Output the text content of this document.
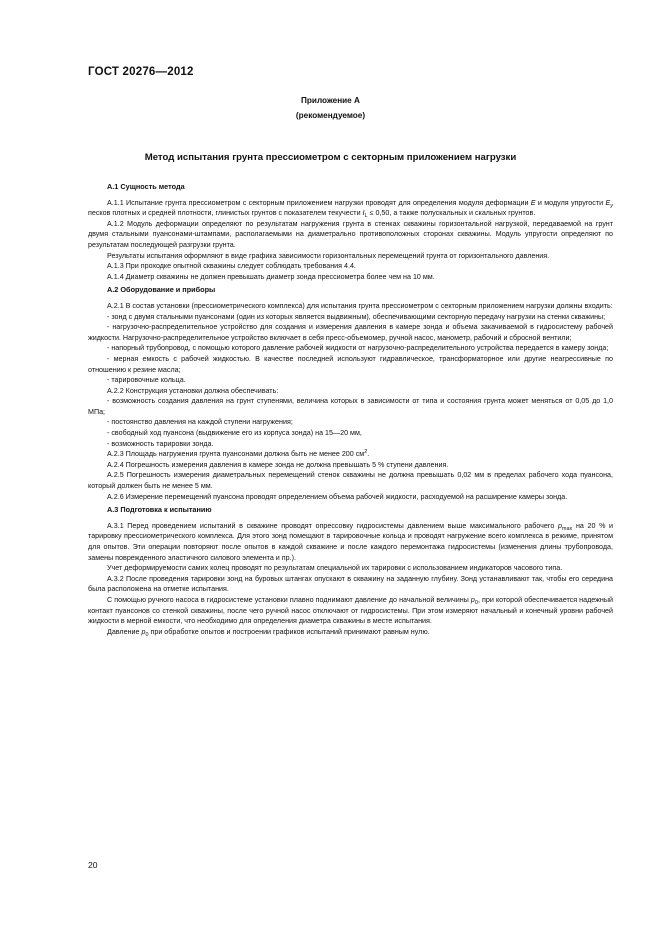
ГОСТ 20276—2012
Приложение А
(рекомендуемое)
Метод испытания грунта прессиометром с секторным приложением нагрузки
А.1 Сущность метода

А.1.1 Испытание грунта прессиометром с секторным приложением нагрузки проводят для определения модуля деформации E и модуля упругости $E_y$ песков плотных и средней плотности, глинистых грунтов с показателем текучести $I_L \le 0,50$, а также полускальных и скальных грунтов.

А.1.2 Модуль деформации определяют по результатам нагружения грунта в стенках скважины горизонтальной нагрузкой, передаваемой на грунт двумя стальными пуансонами-штампами, располагаемыми на диаметрально противоположных сторонах скважины. Модуль упругости определяют по результатам последующей разгрузки грунта.

Результаты испытания оформляют в виде графика зависимости горизонтальных перемещений грунта от горизонтального давления.

А.1.3 При проходке опытной скважины следует соблюдать требования 4.4.

А.1.4 Диаметр скважины не должен превышать диаметр зонда прессиометра более чем на 10 мм.

А.2 Оборудование и приборы

А.2.1 В состав установки (прессиометрического комплекса) для испытания грунта прессиометром с секторным приложением нагрузки должны входить:

- зонд с двумя стальными пуансонами (один из которых является выдвижным), обеспечивающими секторную передачу нагрузки на стенки скважины;

- нагрузочно-распределительное устройство для создания и измерения давления в камере зонда и объема закачиваемой в гидросистему рабочей жидкости. Нагрузочно-распределительное устройство включает в себя пресс-объемомер, ручной насос, манометр, рабочий и сбросной вентили;

- напорный трубопровод, с помощью которого давление рабочей жидкости от нагрузочно-распределительного устройства передается в камеру зонда;

- мерная емкость с рабочей жидкостью. В качестве последней используют гидравлическое, трансформаторное или другие неагрессивные по отношению к резине масла;

- тарировочные кольца.

А.2.2 Конструкция установки должна обеспечивать:

- возможность создания давления на грунт ступенями, величина которых в зависимости от типа и состояния грунта может меняться от 0,05 до 1,0 МПа;

- постоянство давления на каждой ступени нагружения;

- свободный ход пуансона (выдвижение его из корпуса зонда) на 15—20 мм,

- возможность тарировки зонда.

А.2.3 Площадь нагружения грунта пуансонами должна быть не менее 200 $см^2$.

А.2.4 Погрешность измерения давления в камере зонда не должна превышать 5 % ступени давления.

А.2.5 Погрешность измерения диаметральных перемещений стенок скважины не должна превышать 0,02 мм в пределах рабочего хода пуансона, который должен быть не менее 5 мм.

А.2.6 Измерение перемещений пуансона проводят определением объема рабочей жидкости, расходуемой на расширение камеры зонда.

А.3 Подготовка к испытанию

А.3.1 Перед проведением испытаний в скважине проводят опрессовку гидросистемы давлением выше максимального рабочего $p_{max}$ на 20 % и тарировку прессиометрического комплекса. Для этого зонд помещают в тарировочные кольца и проводят нагружение всего комплекса в режиме, принятом для опытов. Эти операции повторяют после опытов в каждой скважине и после каждого перемонтажа гидросистемы (изменения длины трубопровода, замены поврежденного эластичного силового элемента и пр.).

Учет деформируемости самих колец проводят по результатам специальной их тарировки с использованием индикаторов часового типа.

А.3.2 После проведения тарировки зонд на буровых штангах опускают в скважину на заданную глубину. Зонд устанавливают так, чтобы его середина была расположена на отметке испытания.

С помощью ручного насоса в гидросистеме установки плавно поднимают давление до начальной величины $p_0$, при которой обеспечивается надежный контакт пуансонов со стенкой скважины, после чего ручной насос отключают от гидросистемы. При этом измеряют начальный и конечный уровни рабочей жидкости в мерной емкости, что необходимо для определения диаметра скважины в месте испытания.

Давление $p_0$ при обработке опытов и построении графиков испытаний принимают равным нулю.

20
